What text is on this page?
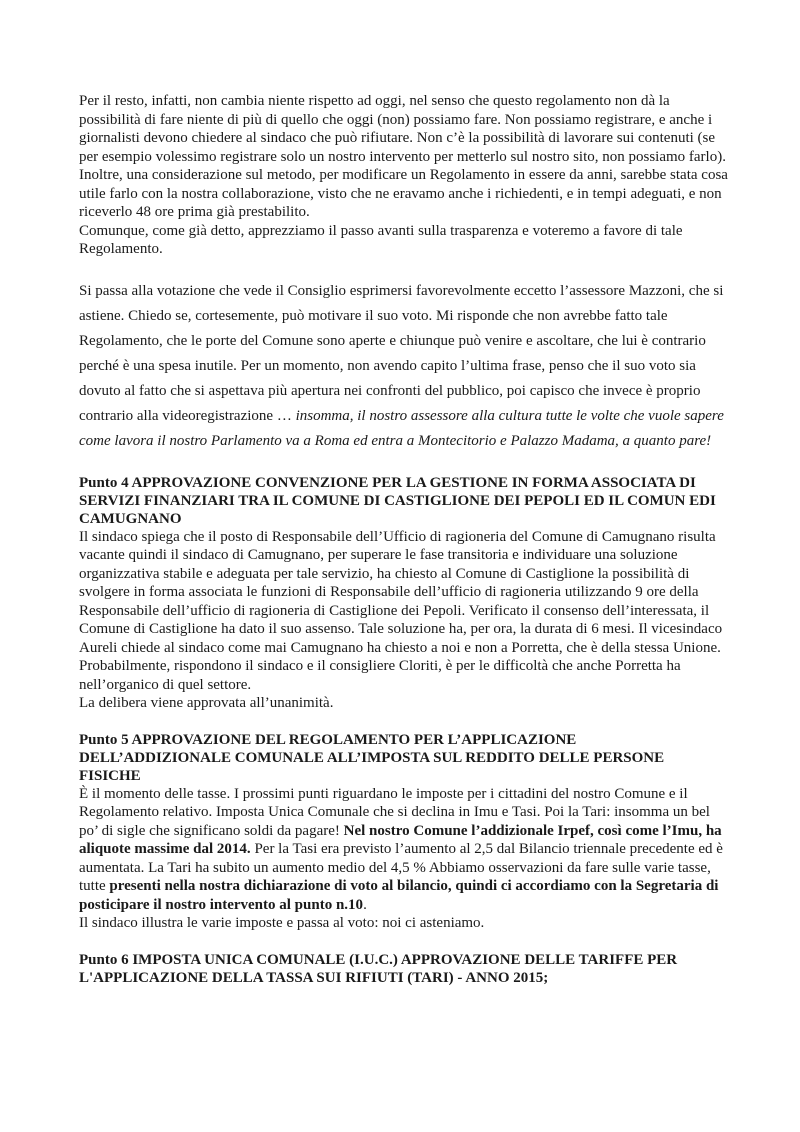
Per il resto, infatti, non cambia niente rispetto ad oggi, nel senso che questo regolamento non dà la possibilità di fare niente di più di quello che oggi (non) possiamo fare. Non possiamo registrare, e anche i giornalisti devono chiedere al sindaco che può rifiutare. Non c’è la possibilità di lavorare sui contenuti (se per esempio volessimo registrare solo un nostro intervento per metterlo sul nostro sito, non possiamo farlo).

Inoltre, una considerazione sul metodo, per modificare un Regolamento in essere da anni, sarebbe stata cosa utile farlo con la nostra collaborazione, visto che ne eravamo anche i richiedenti, e in tempi adeguati, e non riceverlo 48 ore prima già prestabilito.

Comunque, come già detto, apprezziamo il passo avanti sulla trasparenza e voteremo a favore di tale Regolamento.

Si passa alla votazione che vede il Consiglio esprimersi favorevolmente eccetto l’assessore Mazzoni, che si astiene. Chiedo se, cortesemente, può motivare il suo voto. Mi risponde che non avrebbe fatto tale Regolamento, che le porte del Comune sono aperte e chiunque può venire e ascoltare, che lui è contrario perché è una spesa inutile. Per un momento, non avendo capito l’ultima frase, penso che il suo voto sia dovuto al fatto che si aspettava più apertura nei confronti del pubblico, poi capisco che invece è proprio contrario alla videoregistrazione … insomma, il nostro assessore alla cultura tutte le volte che vuole sapere come lavora il nostro Parlamento va a Roma ed entra a Montecitorio e Palazzo Madama, a quanto pare!

Punto 4 APPROVAZIONE CONVENZIONE PER LA GESTIONE IN FORMA ASSOCIATA DI SERVIZI FINANZIARI TRA IL COMUNE DI CASTIGLIONE DEI PEPOLI ED IL COMUN EDI CAMUGNANO

Il sindaco spiega che il posto di Responsabile dell’Ufficio di ragioneria del Comune di Camugnano risulta vacante quindi il sindaco di Camugnano, per superare le fase transitoria e individuare una soluzione organizzativa stabile e adeguata per tale servizio, ha chiesto al Comune di Castiglione la possibilità di svolgere in forma associata le funzioni di Responsabile dell’ufficio di ragioneria utilizzando 9 ore della Responsabile dell’ufficio di ragioneria di Castiglione dei Pepoli. Verificato il consenso dell’interessata, il Comune di Castiglione ha dato il suo assenso. Tale soluzione ha, per ora, la durata di 6 mesi. Il vicesindaco Aureli chiede al sindaco come mai Camugnano ha chiesto a noi e non a Porretta, che è della stessa Unione. Probabilmente, rispondono il sindaco e il consigliere Cloriti, è per le difficoltà che anche Porretta ha nell’organico di quel settore.

La delibera viene approvata all’unanimità.

Punto 5 APPROVAZIONE DEL REGOLAMENTO PER L’APPLICAZIONE DELL’ADDIZIONALE COMUNALE ALL’IMPOSTA SUL REDDITO DELLE PERSONE FISICHE

È il momento delle tasse. I prossimi punti riguardano le imposte per i cittadini del nostro Comune e il Regolamento relativo. Imposta Unica Comunale che si declina in Imu e Tasi. Poi la Tari: insomma un bel po’ di sigle che significano soldi da pagare! Nel nostro Comune l’addizionale Irpef, così come l’Imu, ha aliquote massime dal 2014. Per la Tasi era previsto l’aumento al 2,5 dal Bilancio triennale precedente ed è aumentata. La Tari ha subito un aumento medio del 4,5 % Abbiamo osservazioni da fare sulle varie tasse, tutte presenti nella nostra dichiarazione di voto al bilancio, quindi ci accordiamo con la Segretaria di posticipare il nostro intervento al punto n.10.

Il sindaco illustra le varie imposte e passa al voto: noi ci asteniamo.

Punto 6 IMPOSTA UNICA COMUNALE (I.U.C.) APPROVAZIONE DELLE TARIFFE PER L'APPLICAZIONE DELLA TASSA SUI RIFIUTI (TARI) - ANNO 2015;
